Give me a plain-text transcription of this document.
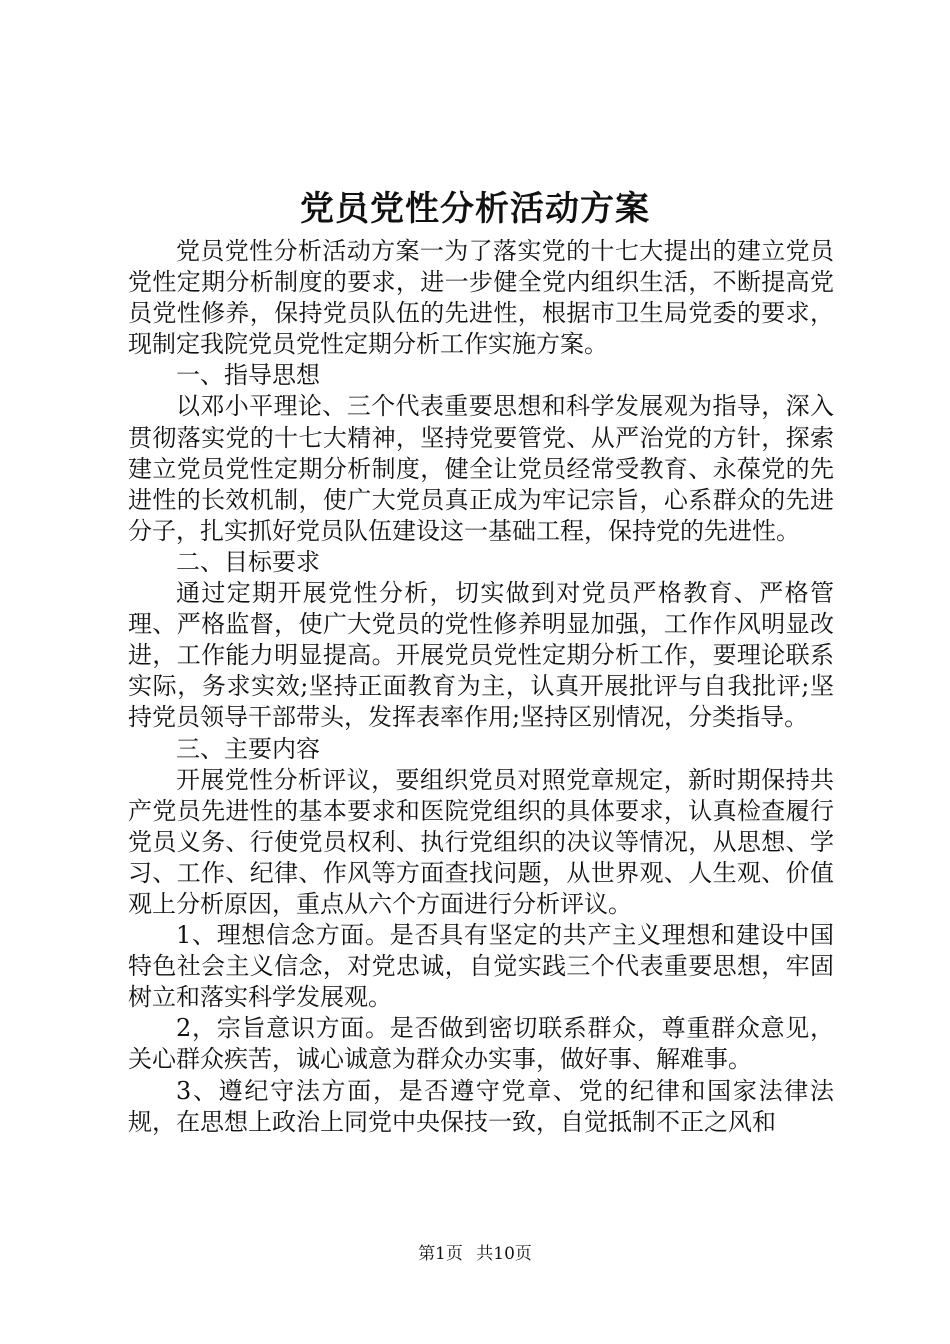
党员党性分析活动方案

党员党性分析活动方案一为了落实党的十七大提出的建立党员党性定期分析制度的要求，进一步健全党内组织生活，不断提高党员党性修养，保持党员队伍的先进性，根据市卫生局党委的要求，现制定我院党员党性定期分析工作实施方案。

一、指导思想

以邓小平理论、三个代表重要思想和科学发展观为指导，深入贯彻落实党的十七大精神，坚持党要管党、从严治党的方针，探索建立党员党性定期分析制度，健全让党员经常受教育、永葆党的先进性的长效机制，使广大党员真正成为牢记宗旨，心系群众的先进分子，扎实抓好党员队伍建设这一基础工程，保持党的先进性。

二、目标要求

通过定期开展党性分析，切实做到对党员严格教育、严格管理、严格监督，使广大党员的党性修养明显加强，工作作风明显改进，工作能力明显提高。开展党员党性定期分析工作，要理论联系实际，务求实效;坚持正面教育为主，认真开展批评与自我批评;坚持党员领导干部带头，发挥表率作用;坚持区别情况，分类指导。

三、主要内容

开展党性分析评议，要组织党员对照党章规定，新时期保持共产党员先进性的基本要求和医院党组织的具体要求，认真检查履行党员义务、行使党员权利、执行党组织的决议等情况，从思想、学习、工作、纪律、作风等方面查找问题，从世界观、人生观、价值观上分析原因，重点从六个方面进行分析评议。

1、理想信念方面。是否具有坚定的共产主义理想和建设中国特色社会主义信念，对党忠诚，自觉实践三个代表重要思想，牢固树立和落实科学发展观。

2，宗旨意识方面。是否做到密切联系群众，尊重群众意见，关心群众疾苦，诚心诚意为群众办实事，做好事、解难事。

3、遵纪守法方面，是否遵守党章、党的纪律和国家法律法规，在思想上政治上同党中央保技一致，自觉抵制不正之风和

第1页 共10页
